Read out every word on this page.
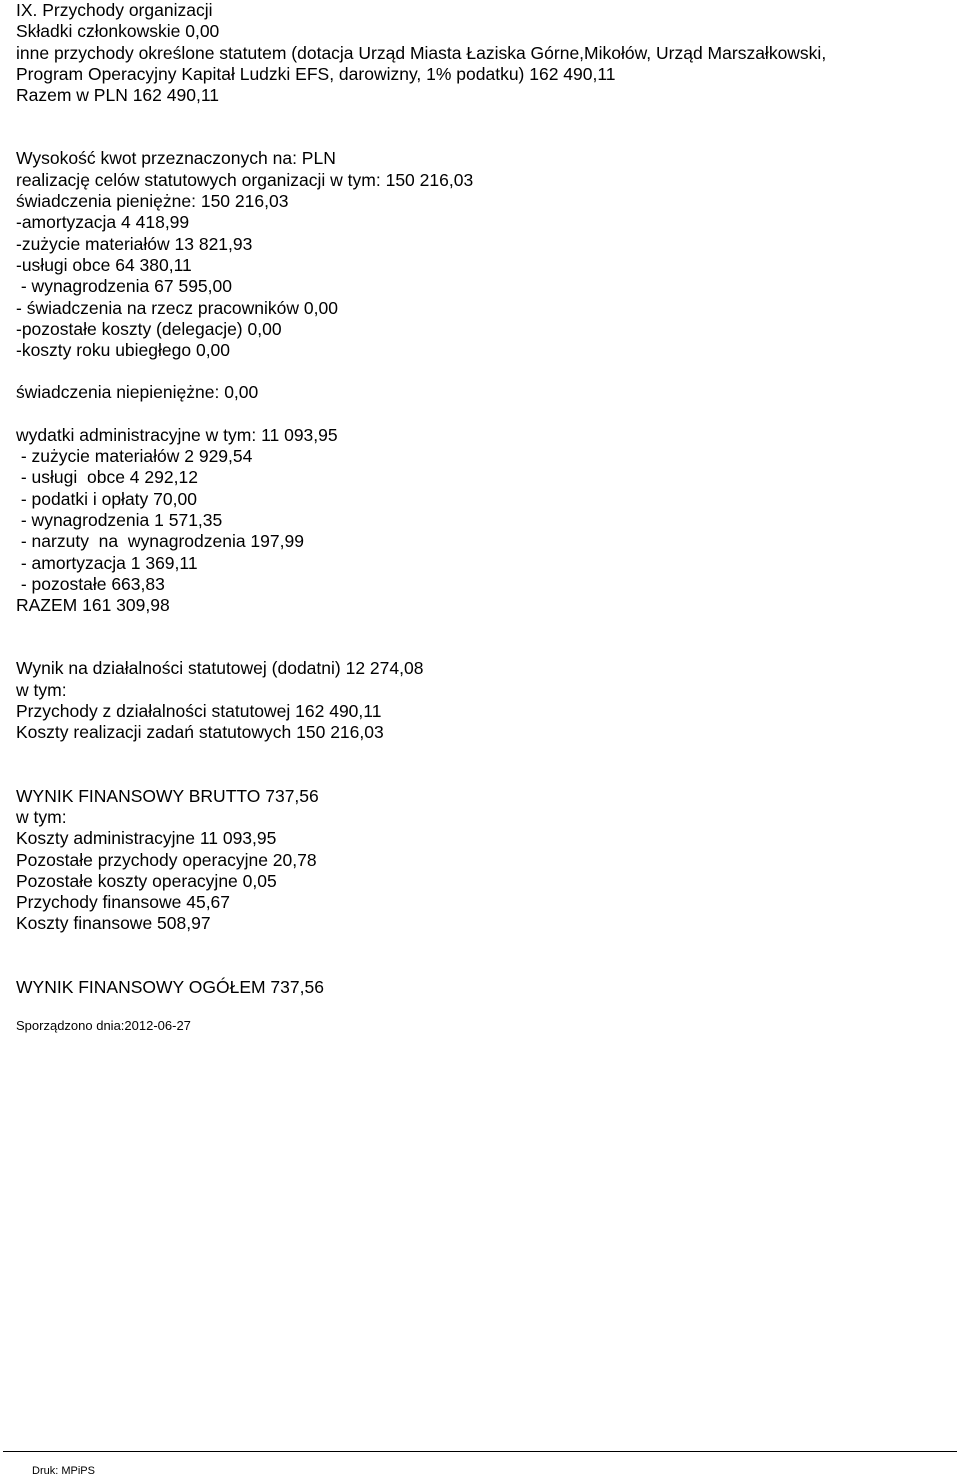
IX. Przychody organizacji

Składki członkowskie 0,00

inne przychody określone statutem (dotacja Urząd Miasta Łaziska Górne,Mikołów, Urząd Marszałkowski,

Program Operacyjny Kapitał Ludzki EFS, darowizny, 1% podatku) 162 490,11

Razem w PLN 162 490,11

Wysokość kwot przeznaczonych na: PLN

realizację celów statutowych organizacji w tym: 150 216,03

świadczenia pieniężne: 150 216,03

-amortyzacja 4 418,99

-zużycie materiałów 13 821,93

-usługi obce 64 380,11

- wynagrodzenia 67 595,00

- świadczenia na rzecz pracowników 0,00

-pozostałe koszty (delegacje) 0,00

-koszty roku ubiegłego 0,00

świadczenia niepieniężne: 0,00

wydatki administracyjne w tym: 11 093,95

- zużycie materiałów 2 929,54

- usługi  obce 4 292,12

- podatki i opłaty 70,00

- wynagrodzenia 1 571,35

- narzuty  na  wynagrodzenia 197,99

- amortyzacja 1 369,11

- pozostałe 663,83

RAZEM 161 309,98

Wynik na działalności statutowej (dodatni) 12 274,08

w tym:

Przychody z działalności statutowej 162 490,11

Koszty realizacji zadań statutowych 150 216,03

WYNIK FINANSOWY BRUTTO 737,56

w tym:

Koszty administracyjne 11 093,95

Pozostałe przychody operacyjne 20,78

Pozostałe koszty operacyjne 0,05

Przychody finansowe 45,67

Koszty finansowe 508,97

WYNIK FINANSOWY OGÓŁEM 737,56

Sporządzono dnia:2012-06-27

Druk: MPiPS
